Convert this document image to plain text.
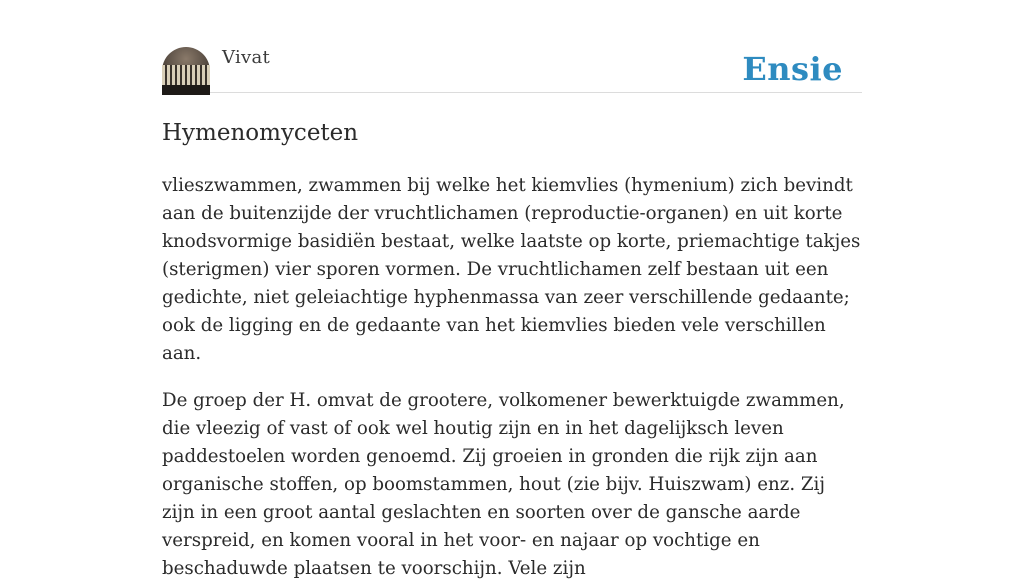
Vivat	Ensie
Hymenomyceten

vlieszwammen, zwammen bij welke het kiemvlies (hymenium) zich bevindt aan de buitenzijde der vruchtlichamen (reproductie-organen) en uit korte knodsvormige basidiën bestaat, welke laatste op korte, priemachtige takjes (sterigmen) vier sporen vormen. De vruchtlichamen zelf bestaan uit een gedichte, niet geleiachtige hyphenmassa van zeer verschillende gedaante; ook de ligging en de gedaante van het kiemvlies bieden vele verschillen aan.

De groep der H. omvat de grootere, volkomener bewerktuigde zwammen, die vleezig of vast of ook wel houtig zijn en in het dagelijksch leven paddestoelen worden genoemd. Zij groeien in gronden die rijk zijn aan organische stoffen, op boomstammen, hout (zie bijv. Huiszwam) enz. Zij zijn in een groot aantal geslachten en soorten over de gansche aarde verspreid, en komen vooral in het voor- en najaar op vochtige en beschaduwde plaatsen te voorschijn. Vele zijn
